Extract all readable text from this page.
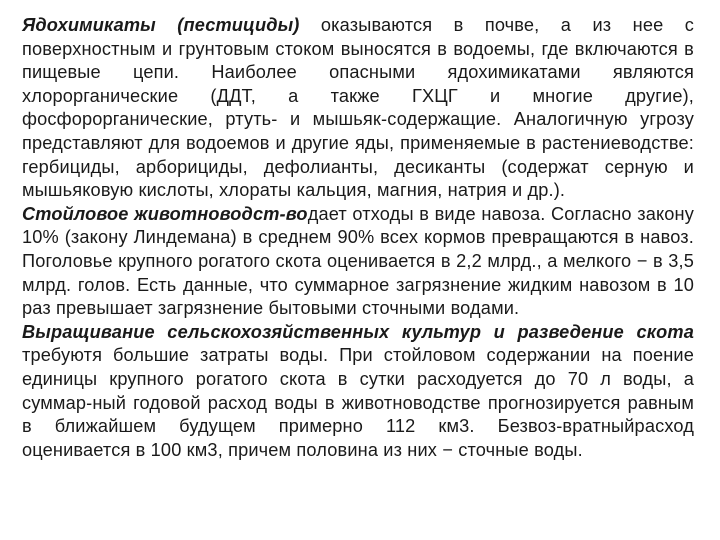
Ядохимикаты (пестициды) оказываются в почве, а из нее с поверхностным и грунтовым стоком выносятся в водоемы, где включаются в пищевые цепи. Наиболее опасными ядохимикатами являются хлорорганические (ДДТ, а также ГХЦГ и многие другие), фосфорорганические, ртуть- и мышьяк-содержащие. Аналогичную угрозу представляют для водоемов и другие яды, применяемые в растениеводстве: гербициды, арборициды, дефолианты, десиканты (содержат серную и мышьяковую кислоты, хлораты кальция, магния, натрия и др.).

Стойловое животноводст-водает отходы в виде навоза. Согласно закону 10% (закону Линдемана) в среднем 90% всех кормов превращаются в навоз. Поголовье крупного рогатого скота оценивается в 2,2 млрд., а мелкого − в 3,5 млрд. голов. Есть данные, что суммарное загрязнение жидким навозом в 10 раз превышает загрязнение бытовыми сточными водами.

Выращивание сельскохозяйственных культур и разведение скота требуютя большие затраты воды. При стойловом содержании на поение единицы крупного рогатого скота в сутки расходуется до 70 л воды, а суммар-ный годовой расход воды в животноводстве прогнозируется равным в ближайшем будущем примерно 112 км3. Безвоз-вратныйрасход оценивается в 100 км3, причем половина из них − сточные воды.
